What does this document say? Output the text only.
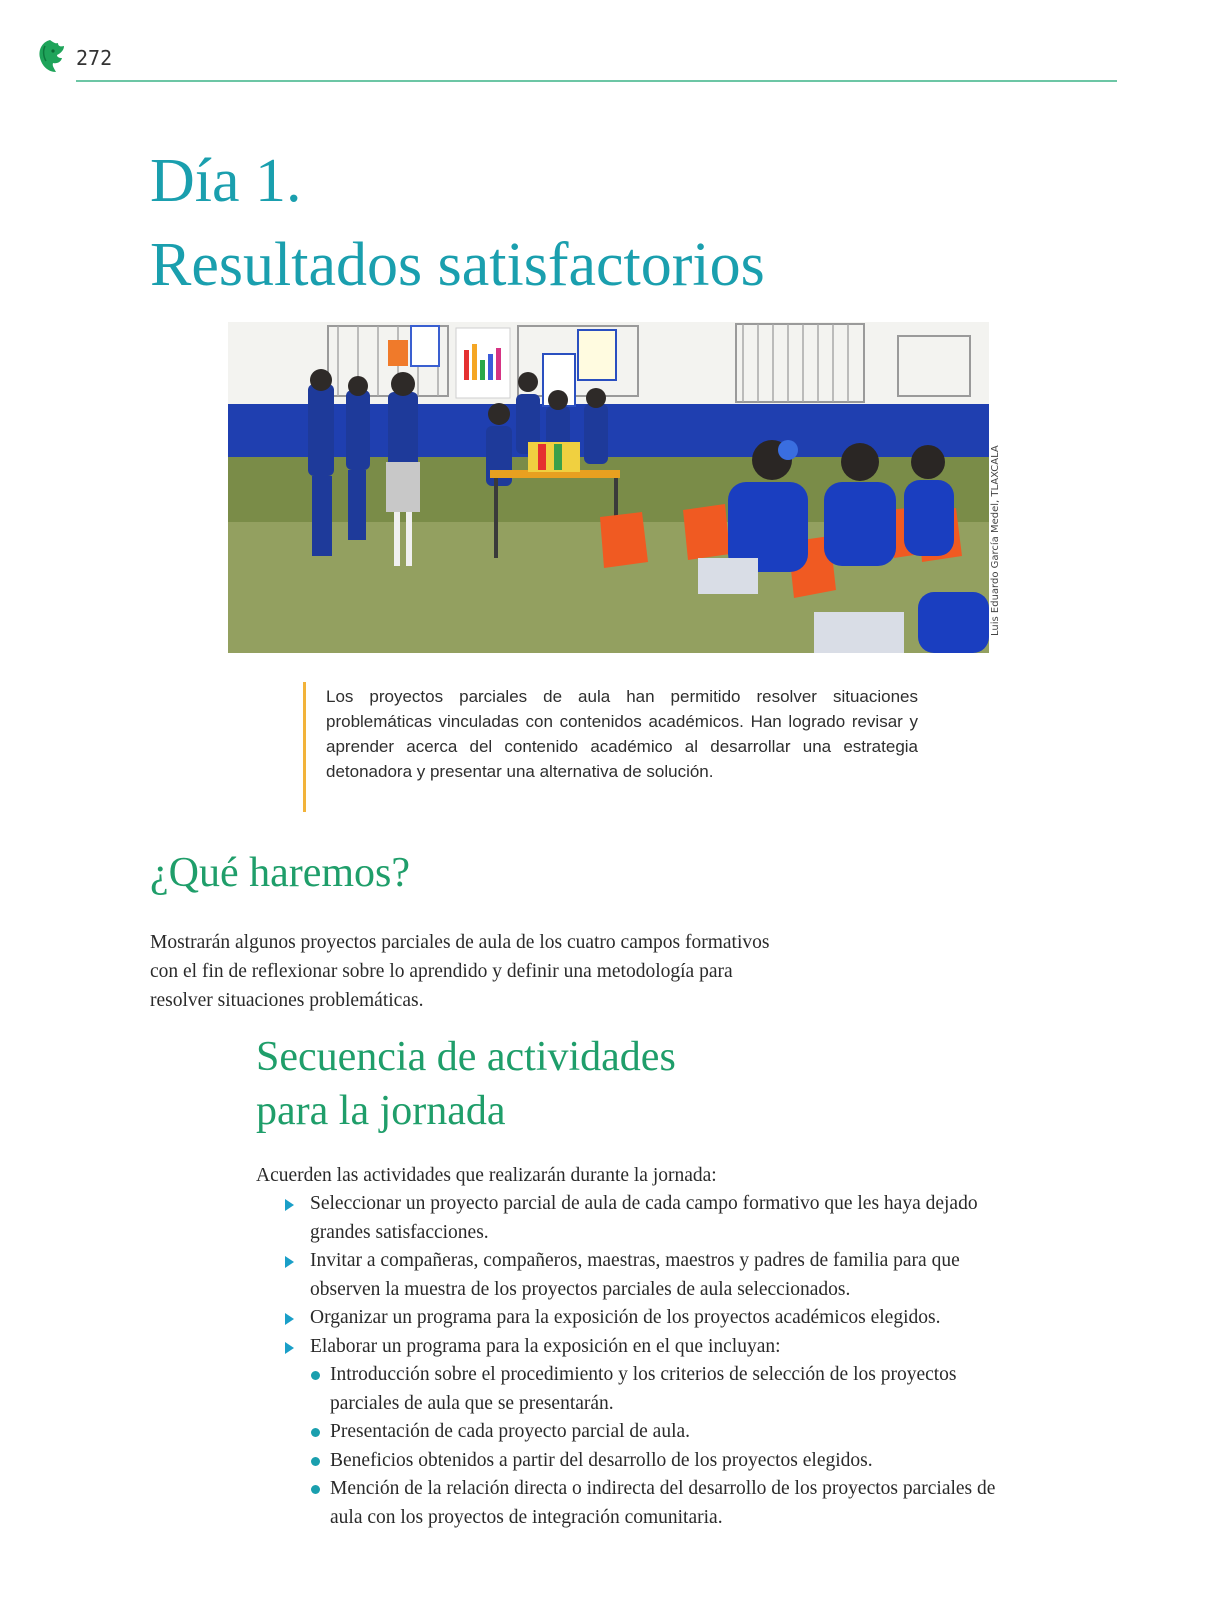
272
Día 1.
Resultados satisfactorios
Luis Eduardo García Medel, TLAXCALA

Los proyectos parciales de aula han permitido resolver situaciones problemáticas vinculadas con contenidos académicos. Han logrado revisar y aprender acerca del contenido académico al desarrollar una estrategia detonadora y presentar una alternativa de solución.

¿Qué haremos?

Mostrarán algunos proyectos parciales de aula de los cuatro campos formativos con el fin de reflexionar sobre lo aprendido y definir una metodología para resolver situaciones problemáticas.

Secuencia de actividades
para la jornada

Acuerden las actividades que realizarán durante la jornada:

Seleccionar un proyecto parcial de aula de cada campo formativo que les haya dejado grandes satisfacciones.
Invitar a compañeras, compañeros, maestras, maestros y padres de familia para que observen la muestra de los proyectos parciales de aula seleccionados.
Organizar un programa para la exposición de los proyectos académicos elegidos.
Elaborar un programa para la exposición en el que incluyan:
Introducción sobre el procedimiento y los criterios de selección de los proyectos parciales de aula que se presentarán.
Presentación de cada proyecto parcial de aula.
Beneficios obtenidos a partir del desarrollo de los proyectos elegidos.
Mención de la relación directa o indirecta del desarrollo de los proyectos parciales de aula con los proyectos de integración comunitaria.
